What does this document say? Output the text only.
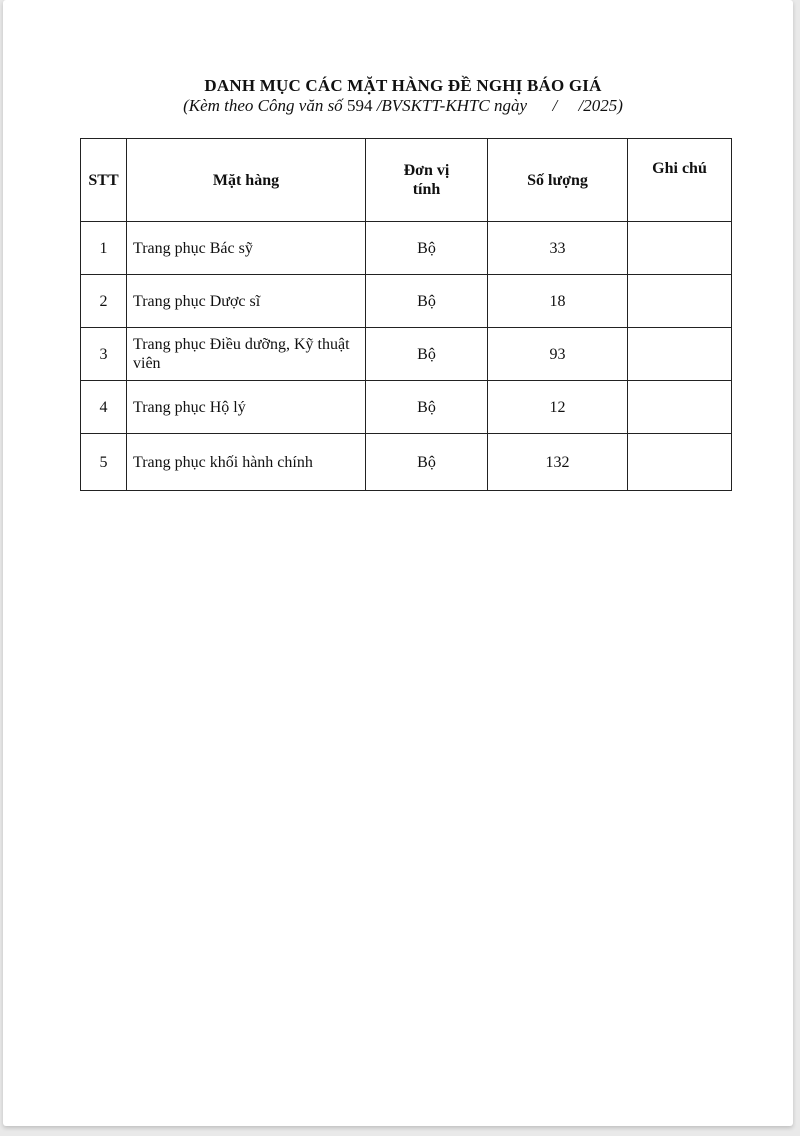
DANH MỤC CÁC MẶT HÀNG ĐỀ NGHỊ BÁO GIÁ
(Kèm theo Công văn số 594 /BVSKTT-KHTC ngày      /     /2025)
STT	Mặt hàng	Đơn vị tính	Số lượng	Ghi chú
1	Trang phục Bác sỹ	Bộ	33	
2	Trang phục Dược sĩ	Bộ	18	
3	Trang phục Điều dưỡng, Kỹ thuật viên	Bộ	93	
4	Trang phục Hộ lý	Bộ	12	
5	Trang phục khối hành chính	Bộ	132	
